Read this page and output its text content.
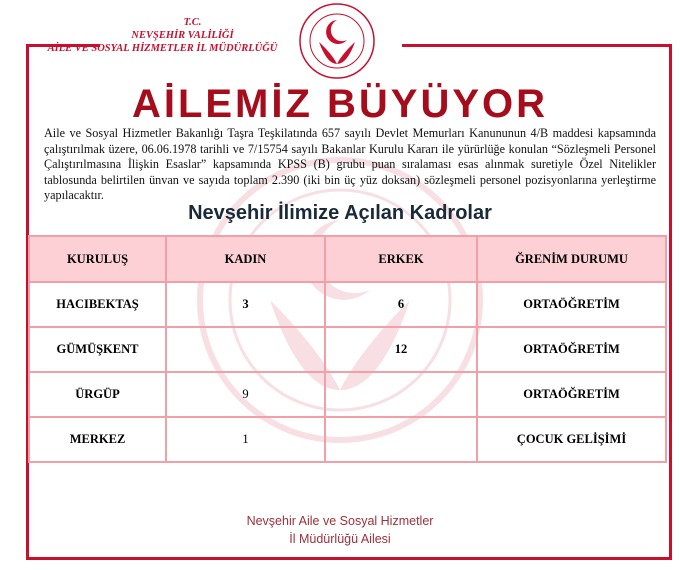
T.C.
NEVŞEHİR VALİLİĞİ
AİLE VE SOSYAL HİZMETLER İL MÜDÜRLÜĞÜ
AİLEMİZ BÜYÜYOR
Aile ve Sosyal Hizmetler Bakanlığı Taşra Teşkilatında 657 sayılı Devlet Memurları Kanununun 4/B maddesi kapsamında çalıştırılmak üzere, 06.06.1978 tarihli ve 7/15754 sayılı Bakanlar Kurulu Kararı ile yürürlüğe konulan “Sözleşmeli Personel Çalıştırılmasına İlişkin Esaslar” kapsamında KPSS (B) grubu puan sıralaması esas alınmak suretiyle Özel Nitelikler tablosunda belirtilen ünvan ve sayıda toplam 2.390 (iki bin üç yüz doksan) sözleşmeli personel pozisyonlarına yerleştirme yapılacaktır.
Nevşehir İlimize Açılan Kadrolar
KURULUŞ	KADIN	ERKEK	ĞRENİM DURUMU
HACIBEKTAŞ	3	6	ORTAÖĞRETİM
GÜMÜŞKENT		12	ORTAÖĞRETİM
ÜRGÜP	9		ORTAÖĞRETİM
MERKEZ	1		ÇOCUK GELİŞİMİ
Nevşehir Aile ve Sosyal Hizmetler
İl Müdürlüğü Ailesi
